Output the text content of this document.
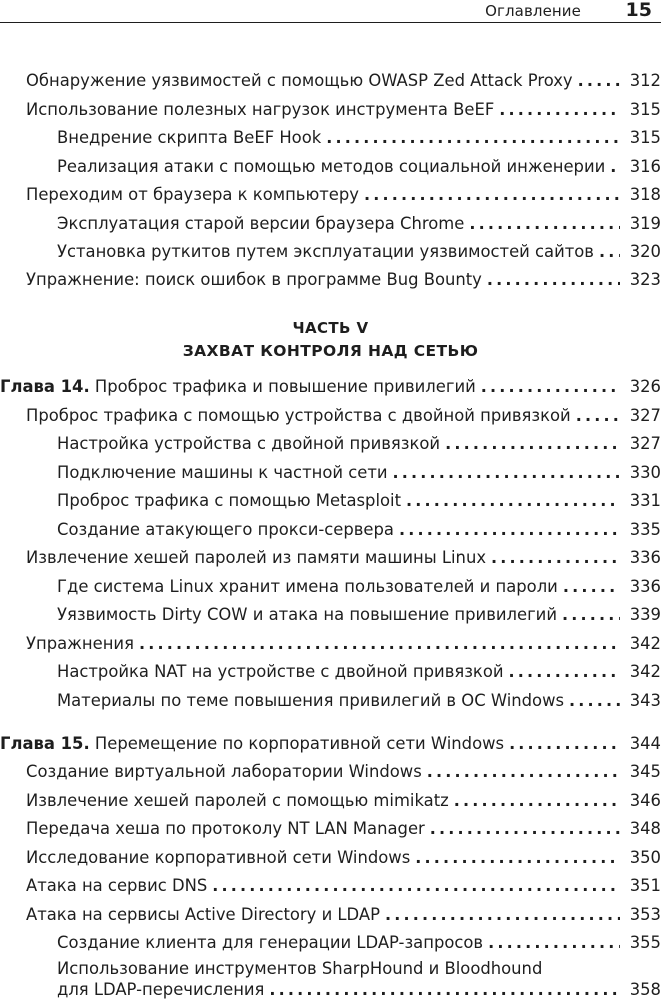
Оглавление 15
Обнаружение уязвимостей с помощью OWASP Zed Attack Proxy . . .	312
Использование полезных нагрузок инструмента BeEF . . .	315
Внедрение скрипта BeEF Hook . . .	315
Реализация атаки с помощью методов социальной инженерии . . .	316
Переходим от браузера к компьютеру . . .	318
Эксплуатация старой версии браузера Chrome . . .	319
Установка руткитов путем эксплуатации уязвимостей сайтов . . .	320
Упражнение: поиск ошибок в программе Bug Bounty . . .	323
ЧАСТЬ V
ЗАХВАТ КОНТРОЛЯ НАД СЕТЬЮ
Глава 14. Проброс трафика и повышение привилегий . . .	326
Проброс трафика с помощью устройства с двойной привязкой . . .	327
Настройка устройства с двойной привязкой . . .	327
Подключение машины к частной сети . . .	330
Проброс трафика с помощью Metasploit . . .	331
Создание атакующего прокси-сервера . . .	335
Извлечение хешей паролей из памяти машины Linux . . .	336
Где система Linux хранит имена пользователей и пароли . . .	336
Уязвимость Dirty COW и атака на повышение привилегий . . .	339
Упражнения . . .	342
Настройка NAT на устройстве с двойной привязкой . . .	342
Материалы по теме повышения привилегий в ОС Windows . . .	343
Глава 15. Перемещение по корпоративной сети Windows . . .	344
Создание виртуальной лаборатории Windows . . .	345
Извлечение хешей паролей с помощью mimikatz . . .	346
Передача хеша по протоколу NT LAN Manager . . .	348
Исследование корпоративной сети Windows . . .	350
Атака на сервис DNS . . .	351
Атака на сервисы Active Directory и LDAP . . .	353
Создание клиента для генерации LDAP-запросов . . .	355
Использование инструментов SharpHound и Bloodhound
для LDAP-перечисления . . .	358
